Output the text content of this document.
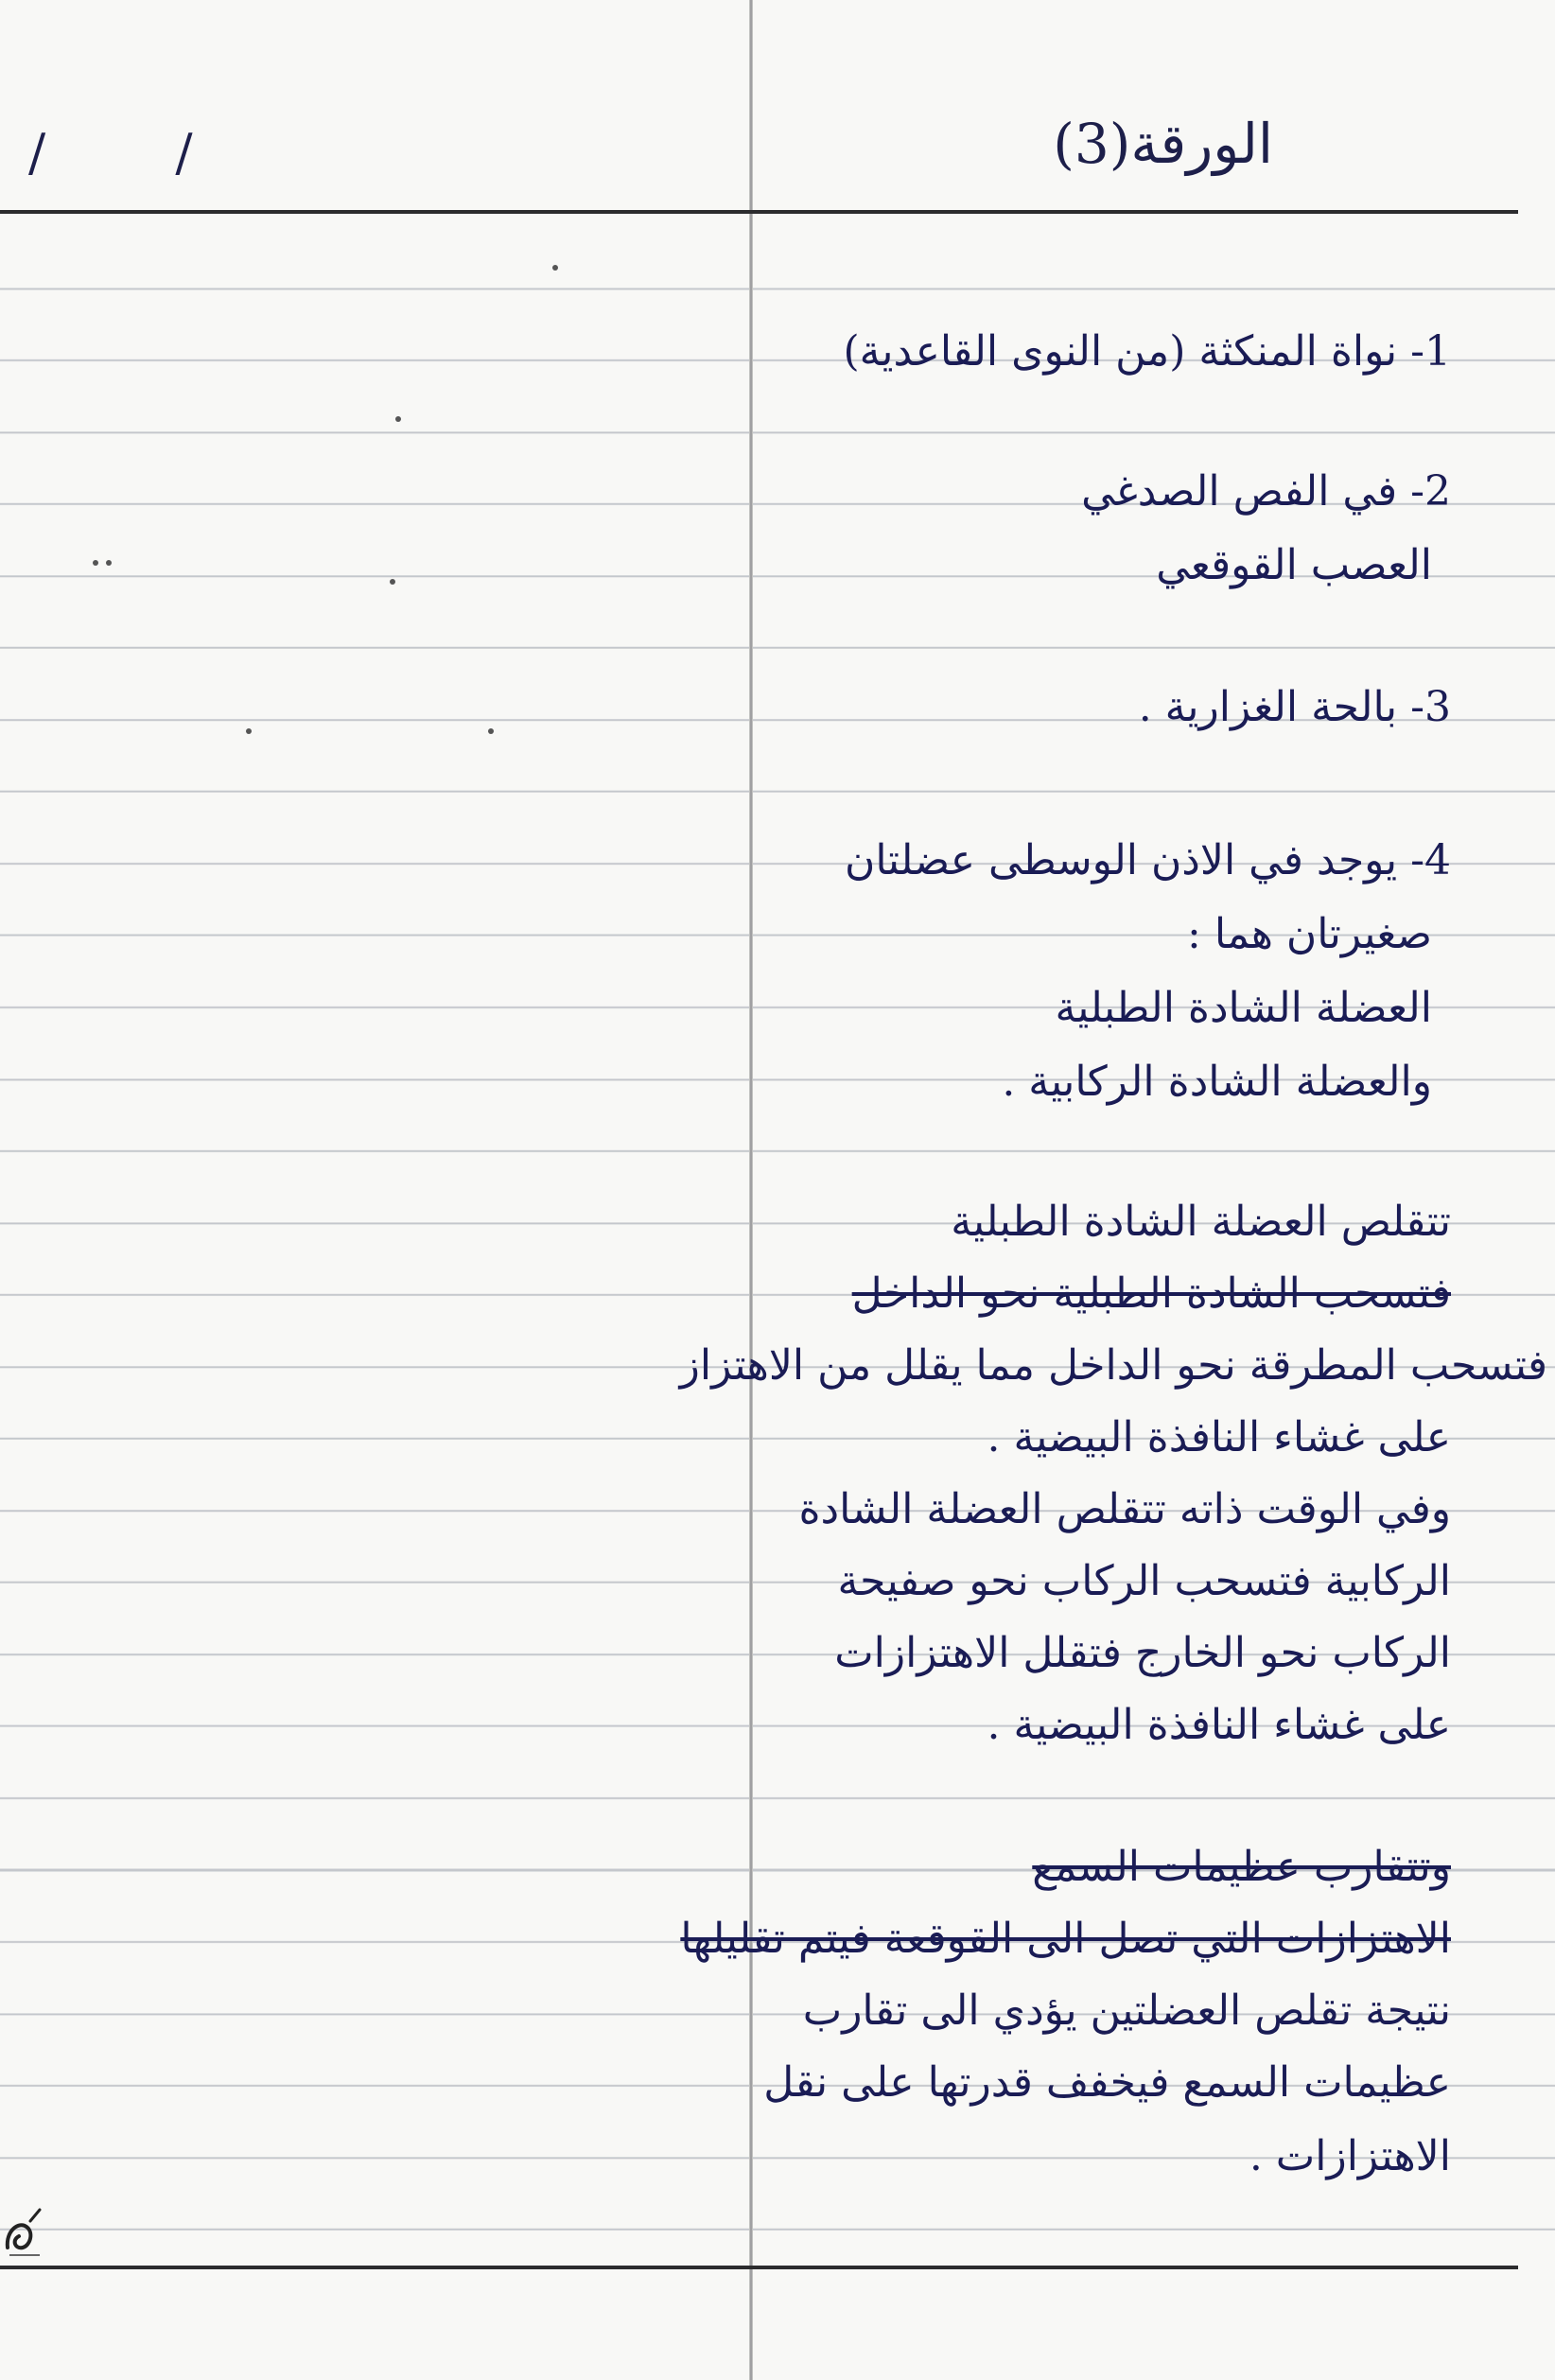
/ /	الورقة(3)
1- نواة المنكثة (من النوى القاعدية)
2- في الفص الصدغي
العصب القوقعي
3- بالحة الغزارية .
4- يوجد في الاذن الوسطى عضلتان
صغيرتان هما :
العضلة الشادة الطبلية
والعضلة الشادة الركابية .
تتقلص العضلة الشادة الطبلية
فتسحب الشادة الطبلية نحو الداخل
فتسحب المطرقة نحو الداخل مما يقلل من الاهتزاز
على غشاء النافذة البيضية .
وفي الوقت ذاته تتقلص العضلة الشادة
الركابية فتسحب الركاب نحو صفيحة
الركاب نحو الخارج فتقلل الاهتزازات
على غشاء النافذة البيضية .
وتتقارب عظيمات السمع
الاهتزازات التي تصل الى القوقعة فيتم تقليلها
نتيجة تقلص العضلتين يؤدي الى تقارب
عظيمات السمع فيخفف قدرتها على نقل
الاهتزازات .
